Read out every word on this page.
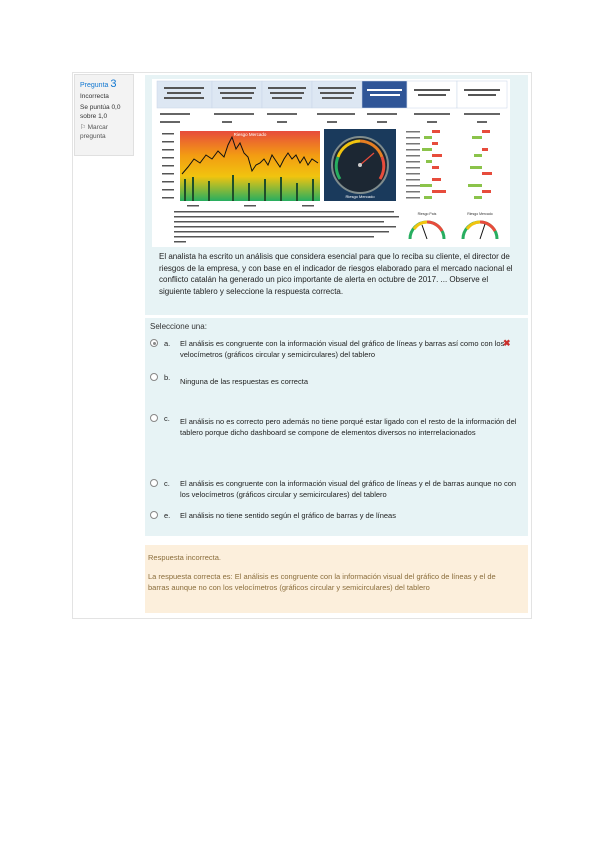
Pregunta 3
Incorrecta
Se puntúa 0,0 sobre 1,0
⚐ Marcar pregunta	Riesgo Mercado
Riesgo Mercado
Riesgo País	Riesgo Mercado
El analista ha escrito un análisis que considera esencial para que lo reciba su cliente, el director de riesgos de la empresa, y con base en el indicador de riesgos elaborado para el mercado nacional el conflicto catalán ha generado un pico importante de alerta en octubre de 2017. ... Observe el siguiente tablero y seleccione la respuesta correcta.
Seleccione una:
a. El análisis es congruente con la información visual del gráfico de líneas y barras así como con los velocímetros (gráficos circular y semicirculares) del tablero
✖
b. Ninguna de las respuestas es correcta
c. El análisis no es correcto pero además no tiene porqué estar ligado con el resto de la información del tablero porque dicho dashboard se compone de elementos diversos no interrelacionados
c. El análisis es congruente con la información visual del gráfico de líneas y el de barras aunque no con los velocímetros (gráficos circular y semicirculares) del tablero
e. El análisis no tiene sentido según el gráfico de barras y de líneas
Respuesta incorrecta.
La respuesta correcta es: El análisis es congruente con la información visual del gráfico de líneas y el de barras aunque no con los velocímetros (gráficos circular y semicirculares) del tablero
